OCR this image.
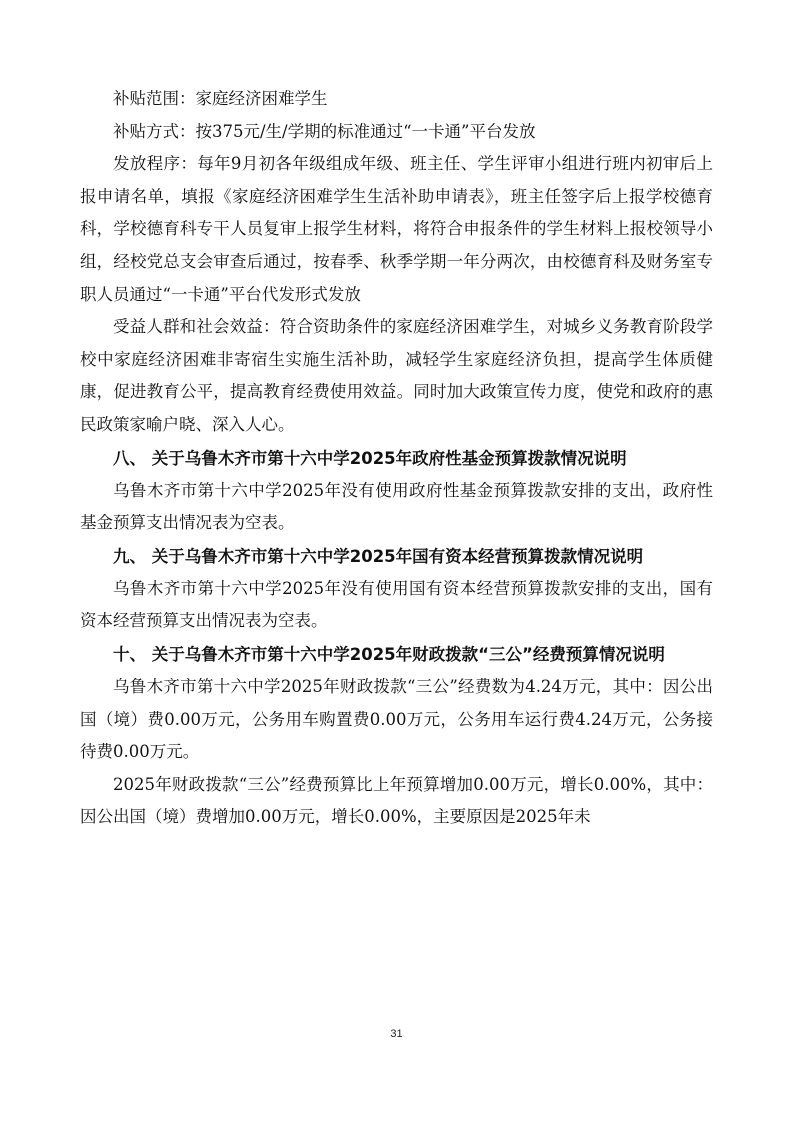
补贴范围：家庭经济困难学生

补贴方式：按375元/生/学期的标准通过“一卡通”平台发放

发放程序：每年9月初各年级组成年级、班主任、学生评审小组进行班内初审后上报申请名单，填报《家庭经济困难学生生活补助申请表》，班主任签字后上报学校德育科，学校德育科专干人员复审上报学生材料，将符合申报条件的学生材料上报校领导小组，经校党总支会审查后通过，按春季、秋季学期一年分两次，由校德育科及财务室专职人员通过“一卡通”平台代发形式发放

受益人群和社会效益：符合资助条件的家庭经济困难学生，对城乡义务教育阶段学校中家庭经济困难非寄宿生实施生活补助，减轻学生家庭经济负担，提高学生体质健康，促进教育公平，提高教育经费使用效益。同时加大政策宣传力度，使党和政府的惠民政策家喻户晓、深入人心。

八、 关于乌鲁木齐市第十六中学2025年政府性基金预算拨款情况说明

乌鲁木齐市第十六中学2025年没有使用政府性基金预算拨款安排的支出，政府性基金预算支出情况表为空表。

九、 关于乌鲁木齐市第十六中学2025年国有资本经营预算拨款情况说明

乌鲁木齐市第十六中学2025年没有使用国有资本经营预算拨款安排的支出，国有资本经营预算支出情况表为空表。

十、 关于乌鲁木齐市第十六中学2025年财政拨款“三公”经费预算情况说明

乌鲁木齐市第十六中学2025年财政拨款“三公”经费数为4.24万元，其中：因公出国（境）费0.00万元，公务用车购置费0.00万元，公务用车运行费4.24万元，公务接待费0.00万元。

2025年财政拨款“三公”经费预算比上年预算增加0.00万元，增长0.00%，其中：因公出国（境）费增加0.00万元，增长0.00%，主要原因是2025年未

31
